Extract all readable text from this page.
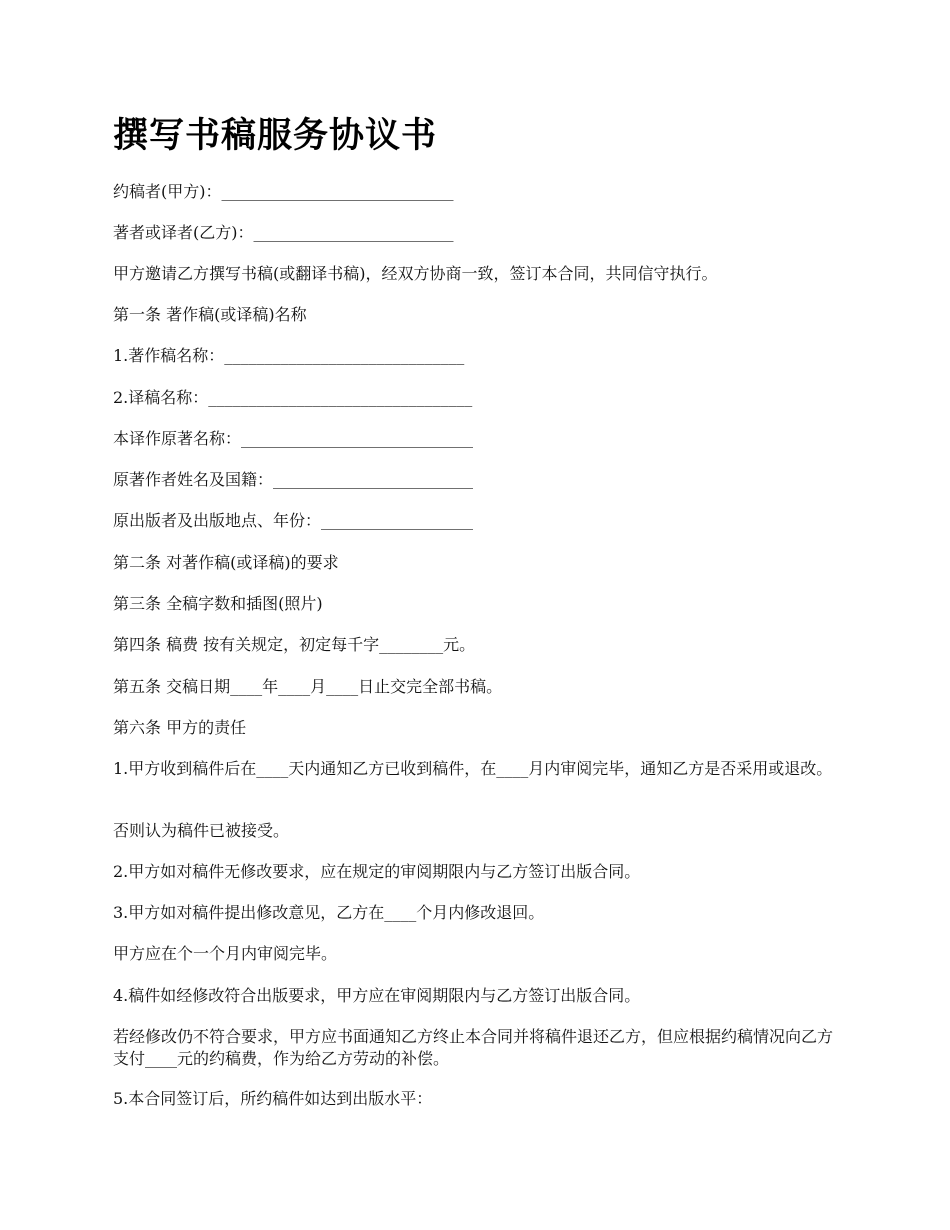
撰写书稿服务协议书

约稿者(甲方)：_____________________________

著者或译者(乙方)：_________________________

甲方邀请乙方撰写书稿(或翻译书稿)，经双方协商一致，签订本合同，共同信守执行。

第一条 著作稿(或译稿)名称

1.著作稿名称：______________________________

2.译稿名称：_________________________________

本译作原著名称：_____________________________

原著作者姓名及国籍：_________________________

原出版者及出版地点、年份：___________________

第二条 对著作稿(或译稿)的要求

第三条 全稿字数和插图(照片)

第四条 稿费 按有关规定，初定每千字________元。

第五条 交稿日期____年____月____日止交完全部书稿。

第六条 甲方的责任

1.甲方收到稿件后在____天内通知乙方已收到稿件，在____月内审阅完毕，通知乙方是否采用或退改。

否则认为稿件已被接受。

2.甲方如对稿件无修改要求，应在规定的审阅期限内与乙方签订出版合同。

3.甲方如对稿件提出修改意见，乙方在____个月内修改退回。

甲方应在个一个月内审阅完毕。

4.稿件如经修改符合出版要求，甲方应在审阅期限内与乙方签订出版合同。

若经修改仍不符合要求，甲方应书面通知乙方终止本合同并将稿件退还乙方，但应根据约稿情况向乙方支付____元的约稿费，作为给乙方劳动的补偿。

5.本合同签订后，所约稿件如达到出版水平：
